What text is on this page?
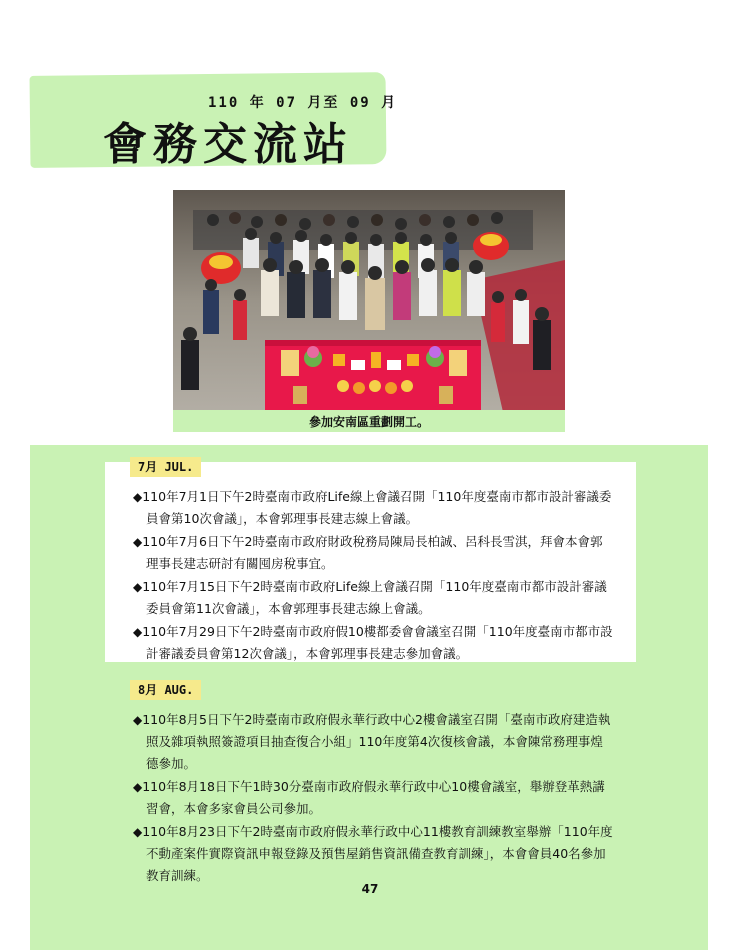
110 年 07 月至 09 月
會務交流站
參加安南區重劃開工。
7月 JUL.
◆110年7月1日下午2時臺南市政府Life線上會議召開「110年度臺南市都市設計審議委員會第10次會議」，本會郭理事長建志線上會議。
◆110年7月6日下午2時臺南市政府財政稅務局陳局長柏誠、呂科長雪淇，拜會本會郭理事長建志研討有關囤房稅事宜。
◆110年7月15日下午2時臺南市政府Life線上會議召開「110年度臺南市都市設計審議委員會第11次會議」，本會郭理事長建志線上會議。
◆110年7月29日下午2時臺南市政府假10樓都委會會議室召開「110年度臺南市都市設計審議委員會第12次會議」，本會郭理事長建志參加會議。
8月 AUG.
◆110年8月5日下午2時臺南市政府假永華行政中心2樓會議室召開「臺南市政府建造執照及雜項執照簽證項目抽查復合小組」110年度第4次復核會議，本會陳常務理事煌德參加。
◆110年8月18日下午1時30分臺南市政府假永華行政中心10樓會議室，舉辦登革熱講習會，本會多家會員公司參加。
◆110年8月23日下午2時臺南市政府假永華行政中心11樓教育訓練教室舉辦「110年度不動產案件實際資訊申報登錄及預售屋銷售資訊備查教育訓練」，本會會員40名參加教育訓練。
47
